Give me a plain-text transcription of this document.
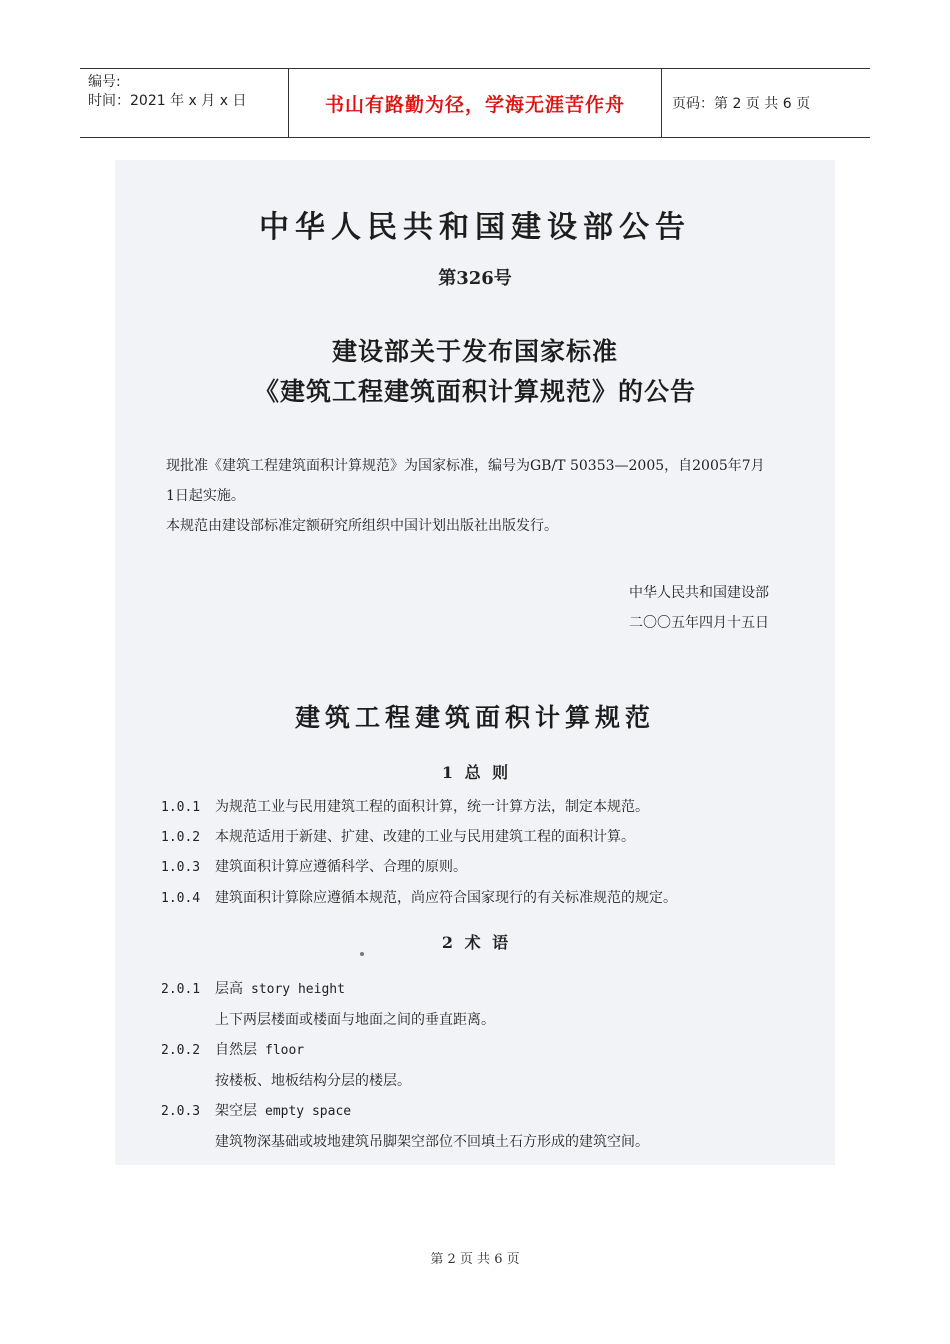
编号:
时间：2021 年 x 月 x 日	书山有路勤为径，学海无涯苦作舟	页码：第 2 页 共 6 页
中华人民共和国建设部公告
第326号
建设部关于发布国家标准
《建筑工程建筑面积计算规范》的公告
现批准《建筑工程建筑面积计算规范》为国家标准，编号为GB/T 50353—2005，自2005年7月
1日起实施。
本规范由建设部标准定额研究所组织中国计划出版社出版发行。
中华人民共和国建设部
二〇〇五年四月十五日
建筑工程建筑面积计算规范
1 总 则
1.0.1 为规范工业与民用建筑工程的面积计算，统一计算方法，制定本规范。
1.0.2 本规范适用于新建、扩建、改建的工业与民用建筑工程的面积计算。
1.0.3 建筑面积计算应遵循科学、合理的原则。
1.0.4 建筑面积计算除应遵循本规范，尚应符合国家现行的有关标准规范的规定。
2 术 语
2.0.1 层高 story height
上下两层楼面或楼面与地面之间的垂直距离。
2.0.2 自然层 floor
按楼板、地板结构分层的楼层。
2.0.3 架空层 empty space
建筑物深基础或坡地建筑吊脚架空部位不回填土石方形成的建筑空间。
第 2 页 共 6 页
